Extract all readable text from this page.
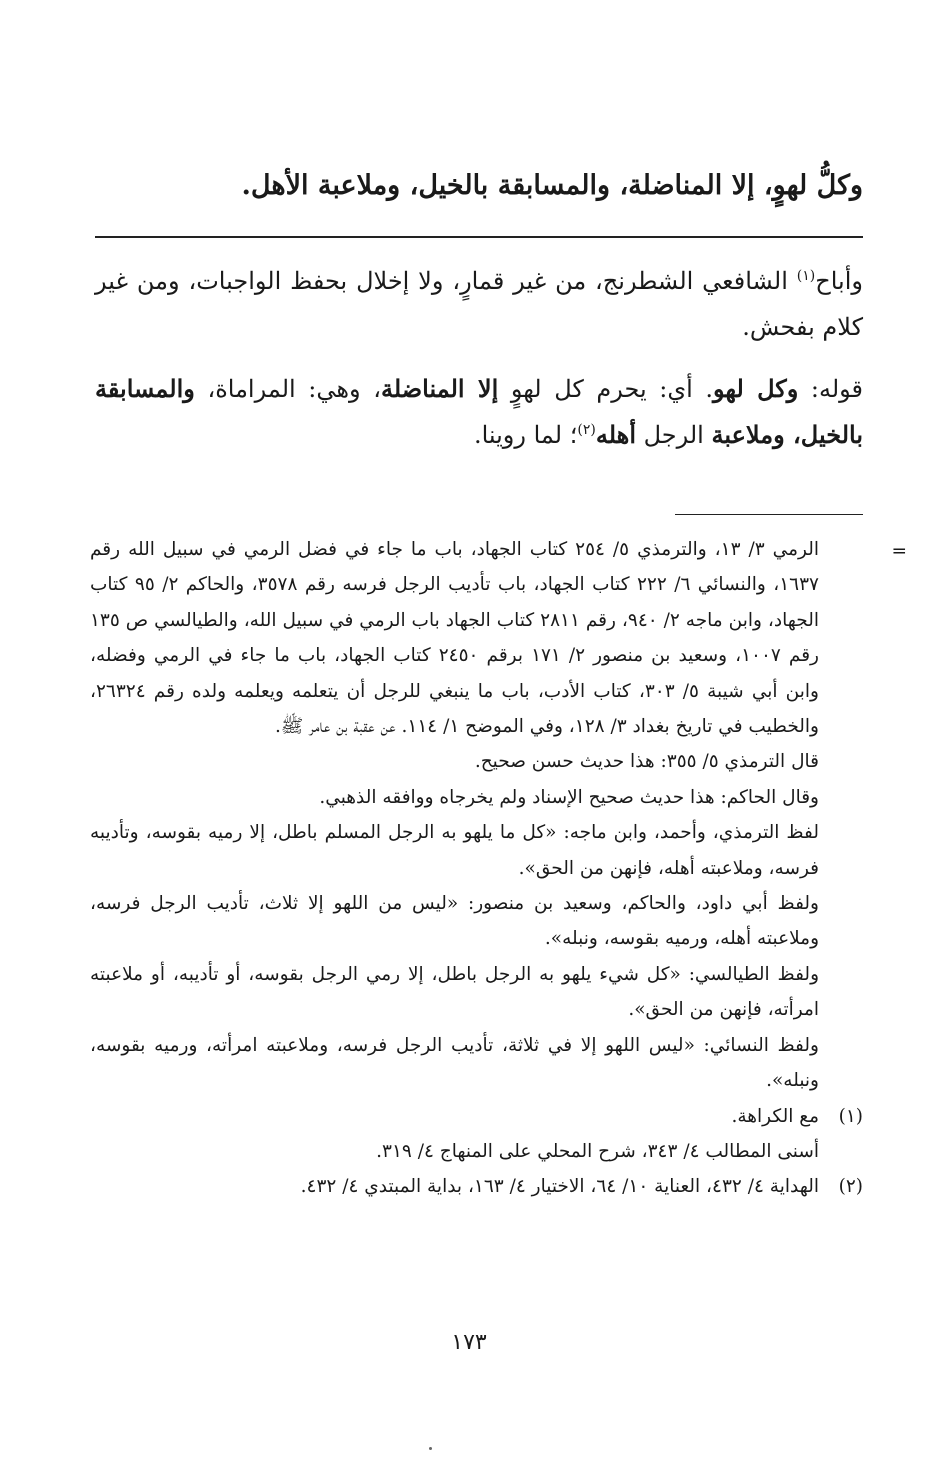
وكلُّ لهوٍ، إلا المناضلة، والمسابقة بالخيل، وملاعبة الأهل.
وأباح$^{(١)}$ الشافعي الشطرنج، من غير قمارٍ، ولا إخلال بحفظ الواجبات، ومن غير كلام بفحش.
قوله: وكل لهو. أي: يحرم كل لهوٍ إلا المناضلة، وهي: المراماة، والمسابقة بالخيل، وملاعبة الرجل أهله$^{(٢)}$؛ لما روينا.
=
الرمي ٣/ ١٣، والترمذي ٥/ ٢٥٤ كتاب الجهاد، باب ما جاء في فضل الرمي في سبيل الله رقم ١٦٣٧، والنسائي ٦/ ٢٢٢ كتاب الجهاد، باب تأديب الرجل فرسه رقم ٣٥٧٨، والحاكم ٢/ ٩٥ كتاب الجهاد، وابن ماجه ٢/ ٩٤٠، رقم ٢٨١١ كتاب الجهاد باب الرمي في سبيل الله، والطيالسي ص ١٣٥ رقم ١٠٠٧، وسعيد بن منصور ٢/ ١٧١ برقم ٢٤٥٠ كتاب الجهاد، باب ما جاء في الرمي وفضله، وابن أبي شيبة ٥/ ٣٠٣، كتاب الأدب، باب ما ينبغي للرجل أن يتعلمه ويعلمه ولده رقم ٢٦٣٢٤، والخطيب في تاريخ بغداد ٣/ ١٢٨، وفي الموضح ١/ ١١٤. عن عقبة بن عامر ﷺ.
قال الترمذي ٥/ ٣٥٥: هذا حديث حسن صحيح.
وقال الحاكم: هذا حديث صحيح الإسناد ولم يخرجاه ووافقه الذهبي.
لفظ الترمذي، وأحمد، وابن ماجه: «كل ما يلهو به الرجل المسلم باطل، إلا رميه بقوسه، وتأديبه فرسه، وملاعبته أهله، فإنهن من الحق».
ولفظ أبي داود، والحاكم، وسعيد بن منصور: «ليس من اللهو إلا ثلاث، تأديب الرجل فرسه، وملاعبته أهله، ورميه بقوسه، ونبله».
ولفظ الطيالسي: «كل شيء يلهو به الرجل باطل، إلا رمي الرجل بقوسه، أو تأديبه، أو ملاعبته امرأته، فإنهن من الحق».
ولفظ النسائي: «ليس اللهو إلا في ثلاثة، تأديب الرجل فرسه، وملاعبته امرأته، ورميه بقوسه، ونبله».
(١)
مع الكراهة.
أسنى المطالب ٤/ ٣٤٣، شرح المحلي على المنهاج ٤/ ٣١٩.
(٢)
الهداية ٤/ ٤٣٢، العناية ١٠/ ٦٤، الاختيار ٤/ ١٦٣، بداية المبتدي ٤/ ٤٣٢.
١٧٣
